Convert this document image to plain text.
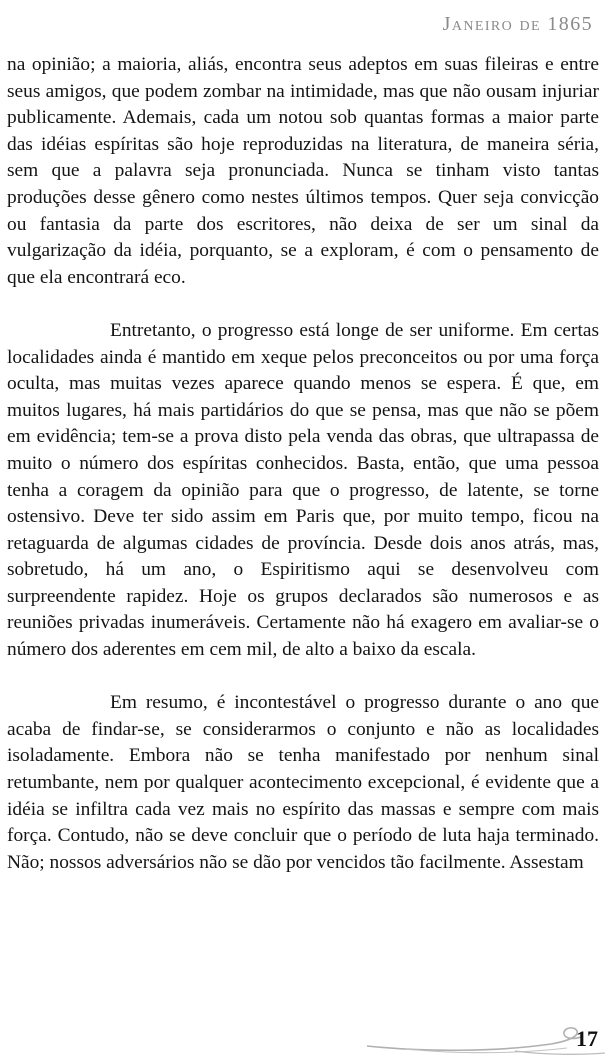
Janeiro de 1865

na opinião; a maioria, aliás, encontra seus adeptos em suas fileiras e entre seus amigos, que podem zombar na intimidade, mas que não ousam injuriar publicamente. Ademais, cada um notou sob quantas formas a maior parte das idéias espíritas são hoje reproduzidas na literatura, de maneira séria, sem que a palavra seja pronunciada. Nunca se tinham visto tantas produções desse gênero como nestes últimos tempos. Quer seja convicção ou fantasia da parte dos escritores, não deixa de ser um sinal da vulgarização da idéia, porquanto, se a exploram, é com o pensamento de que ela encontrará eco.

Entretanto, o progresso está longe de ser uniforme. Em certas localidades ainda é mantido em xeque pelos preconceitos ou por uma força oculta, mas muitas vezes aparece quando menos se espera. É que, em muitos lugares, há mais partidários do que se pensa, mas que não se põem em evidência; tem-se a prova disto pela venda das obras, que ultrapassa de muito o número dos espíritas conhecidos. Basta, então, que uma pessoa tenha a coragem da opinião para que o progresso, de latente, se torne ostensivo. Deve ter sido assim em Paris que, por muito tempo, ficou na retaguarda de algumas cidades de província. Desde dois anos atrás, mas, sobretudo, há um ano, o Espiritismo aqui se desenvolveu com surpreendente rapidez. Hoje os grupos declarados são numerosos e as reuniões privadas inumeráveis. Certamente não há exagero em avaliar-se o número dos aderentes em cem mil, de alto a baixo da escala.

Em resumo, é incontestável o progresso durante o ano que acaba de findar-se, se considerarmos o conjunto e não as localidades isoladamente. Embora não se tenha manifestado por nenhum sinal retumbante, nem por qualquer acontecimento excepcional, é evidente que a idéia se infiltra cada vez mais no espírito das massas e sempre com mais força. Contudo, não se deve concluir que o período de luta haja terminado. Não; nossos adversários não se dão por vencidos tão facilmente. Assestam

17
